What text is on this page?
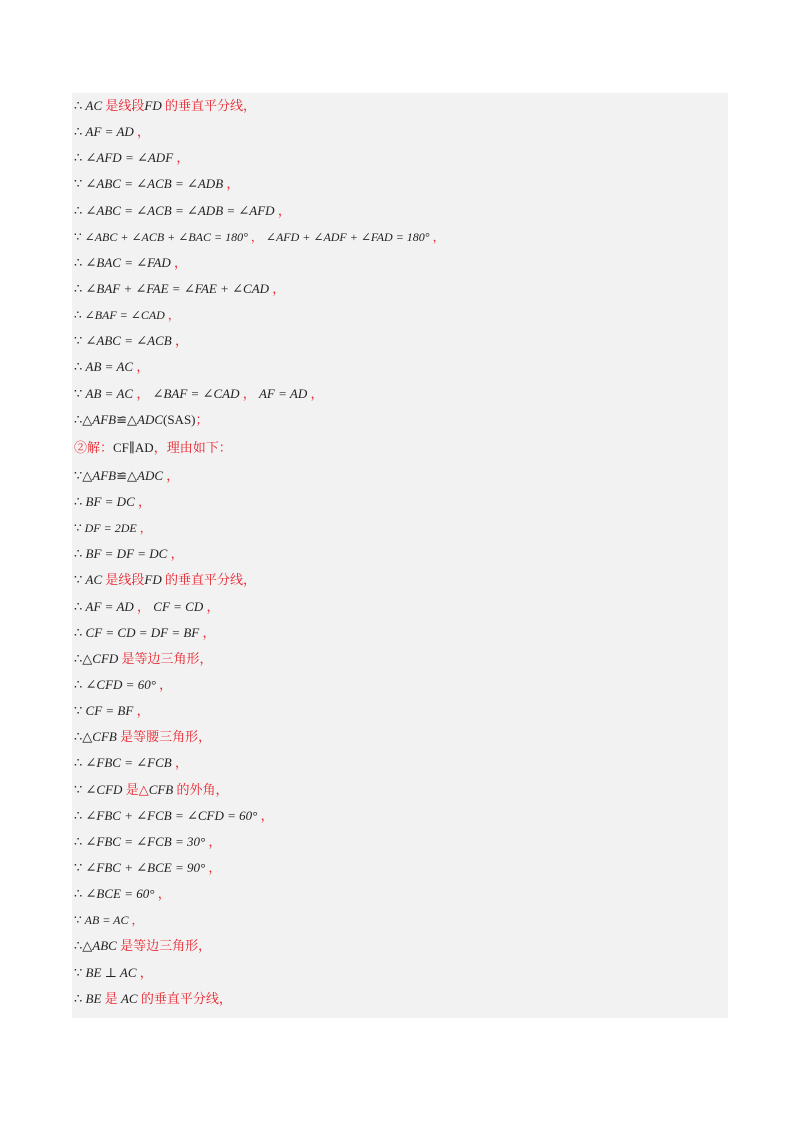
∴ AC 是线段FD 的垂直平分线，
∴ AF = AD ，
∴ ∠AFD = ∠ADF ，
∵ ∠ABC = ∠ACB = ∠ADB ，
∴ ∠ABC = ∠ACB = ∠ADB = ∠AFD ，
∵ ∠ABC + ∠ACB + ∠BAC = 180° ， ∠AFD + ∠ADF + ∠FAD = 180° ，
∴ ∠BAC = ∠FAD ，
∴ ∠BAF + ∠FAE = ∠FAE + ∠CAD ，
∴ ∠BAF = ∠CAD ，
∵ ∠ABC = ∠ACB ，
∴ AB = AC ，
∵ AB = AC ， ∠BAF = ∠CAD ， AF = AD ，
∴△AFB≌△ADC(SAS)；
②解：CF∥AD，理由如下：
∵△AFB≌△ADC ，
∴ BF = DC ，
∵ DF = 2DE ，
∴ BF = DF = DC ，
∵ AC 是线段FD 的垂直平分线，
∴ AF = AD ， CF = CD ，
∴ CF = CD = DF = BF ，
∴△CFD 是等边三角形，
∴ ∠CFD = 60° ，
∵ CF = BF ，
∴△CFB 是等腰三角形，
∴ ∠FBC = ∠FCB ，
∵ ∠CFD 是△CFB 的外角，
∴ ∠FBC + ∠FCB = ∠CFD = 60° ，
∴ ∠FBC = ∠FCB = 30° ，
∵ ∠FBC + ∠BCE = 90° ，
∴ ∠BCE = 60° ，
∵ AB = AC ，
∴△ABC 是等边三角形，
∵ BE ⊥ AC ，
∴ BE 是 AC 的垂直平分线，
